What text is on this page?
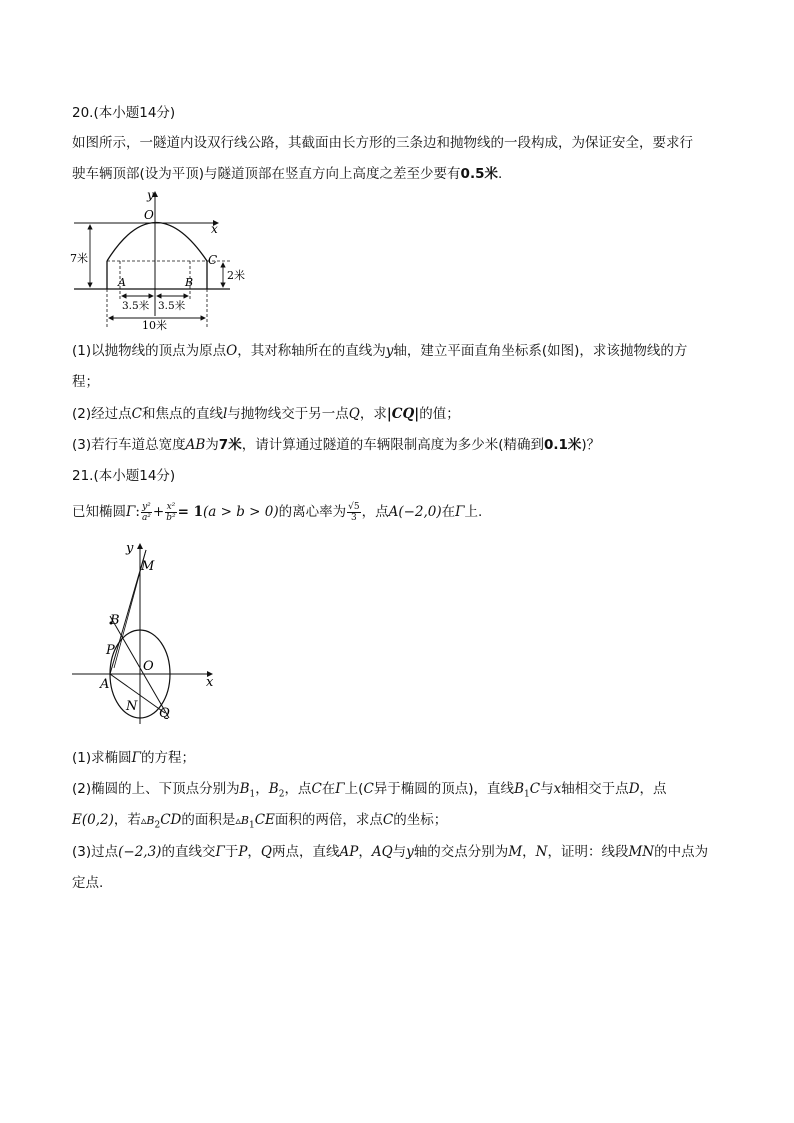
20.(本小题14分)
如图所示，一隧道内设双行线公路，其截面由长方形的三条边和抛物线的一段构成，为保证安全，要求行
驶车辆顶部(设为平顶)与隧道顶部在竖直方向上高度之差至少要有0.5米.
y
x
O
C
A	B
7米
2米
3.5米 3.5米
10米
(1)以抛物线的顶点为原点O，其对称轴所在的直线为y轴，建立平面直角坐标系(如图)，求该抛物线的方
程；
(2)经过点C和焦点的直线l与抛物线交于另一点Q，求|CQ|的值；
(3)若行车道总宽度AB为7米，请计算通过隧道的车辆限制高度为多少米(精确到0.1米)？
21.(本小题14分)
已知椭圆Γ: $\frac{\text{y²}}{\text{a²}} + \frac{\text{x²}}{\text{b²}} = 1(a > b > 0)$的离心率为 $\frac{√5}{3}$ ，点A(−2,0)在Γ上.
y
x
M
B
P
O
A
N Q
(1)求椭圆Γ的方程；
(2)椭圆的上、下顶点分别为$B_1$，$B_2$，点C在Γ上(C异于椭圆的顶点)，直线$B_1C$与x轴相交于点D，点
E(0,2)，若$▵B_2CD$的面积是$▵B_1CE$面积的两倍，求点C的坐标；
(3)过点(−2,3)的直线交Γ于P，Q两点，直线AP，AQ与y轴的交点分别为M，N，证明：线段MN的中点为
定点.
